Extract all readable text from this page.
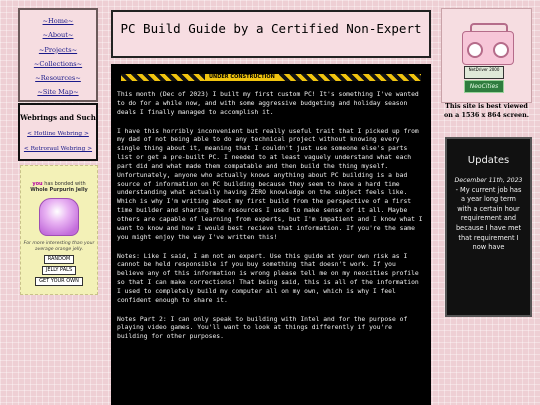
~Home~
~About~
~Projects~
~Collections~
~Resources~
~Site Map~
Webrings and Such
< Hotline Webring >
< Retroraul Webring >
you has bonded with
Whole Purpurin Jelly
For more interesting than your average orange jelly.
RANDOM
JELLY PALS
GET YOUR OWN
PC Build Guide by a Certified Non-Expert
UNDER CONSTRUCTION

This month (Dec of 2023) I built my first custom PC! It's something I've wanted to do for a while now, and with some aggressive budgeting and holiday season deals I finally managed to accomplish it.

I have this horribly inconvenient but really useful trait that I picked up from my dad of not being able to do any technical project without knowing every single thing about it, meaning that I couldn't just use someone else's parts list or get a pre-built PC. I needed to at least vaguely understand what each part did and what made them compatable and then build the thing myself. Unfortunately, anyone who actually knows anything about PC building is a bad source of information on PC building because they seem to have a hard time understanding what actually having ZERO knowledge on the subject feels like. Which is why I'm writing about my first build from the perspective of a first time builder and sharing the resources I used to make sense of it all. Maybe others are capable of learning from experts, but I'm impatient and I know what I want to know and how I would best recieve that information. If you're the same you might enjoy the way I've written this!

Notes: Like I said, I am not an expert. Use this guide at your own risk as I cannot be held responsible if you buy something that doesn't work. If you believe any of this information is wrong please tell me on my neocities profile so that I can make corrections! That being said, this is all of the information I used to completely build my computer all on my own, which is why I feel confident enough to share it.

Notes Part 2: I can only speak to building with Intel and for the purpose of playing video games. You'll want to look at things differently if you're building for other purposes.

NetDriver 2000
NeoCities
This site is best viewed on a 1536 x 864 screen.
Updates
December 11th, 2023
- My current job has a year long term with a certain hour requirement and because I have met that requirement I now have
